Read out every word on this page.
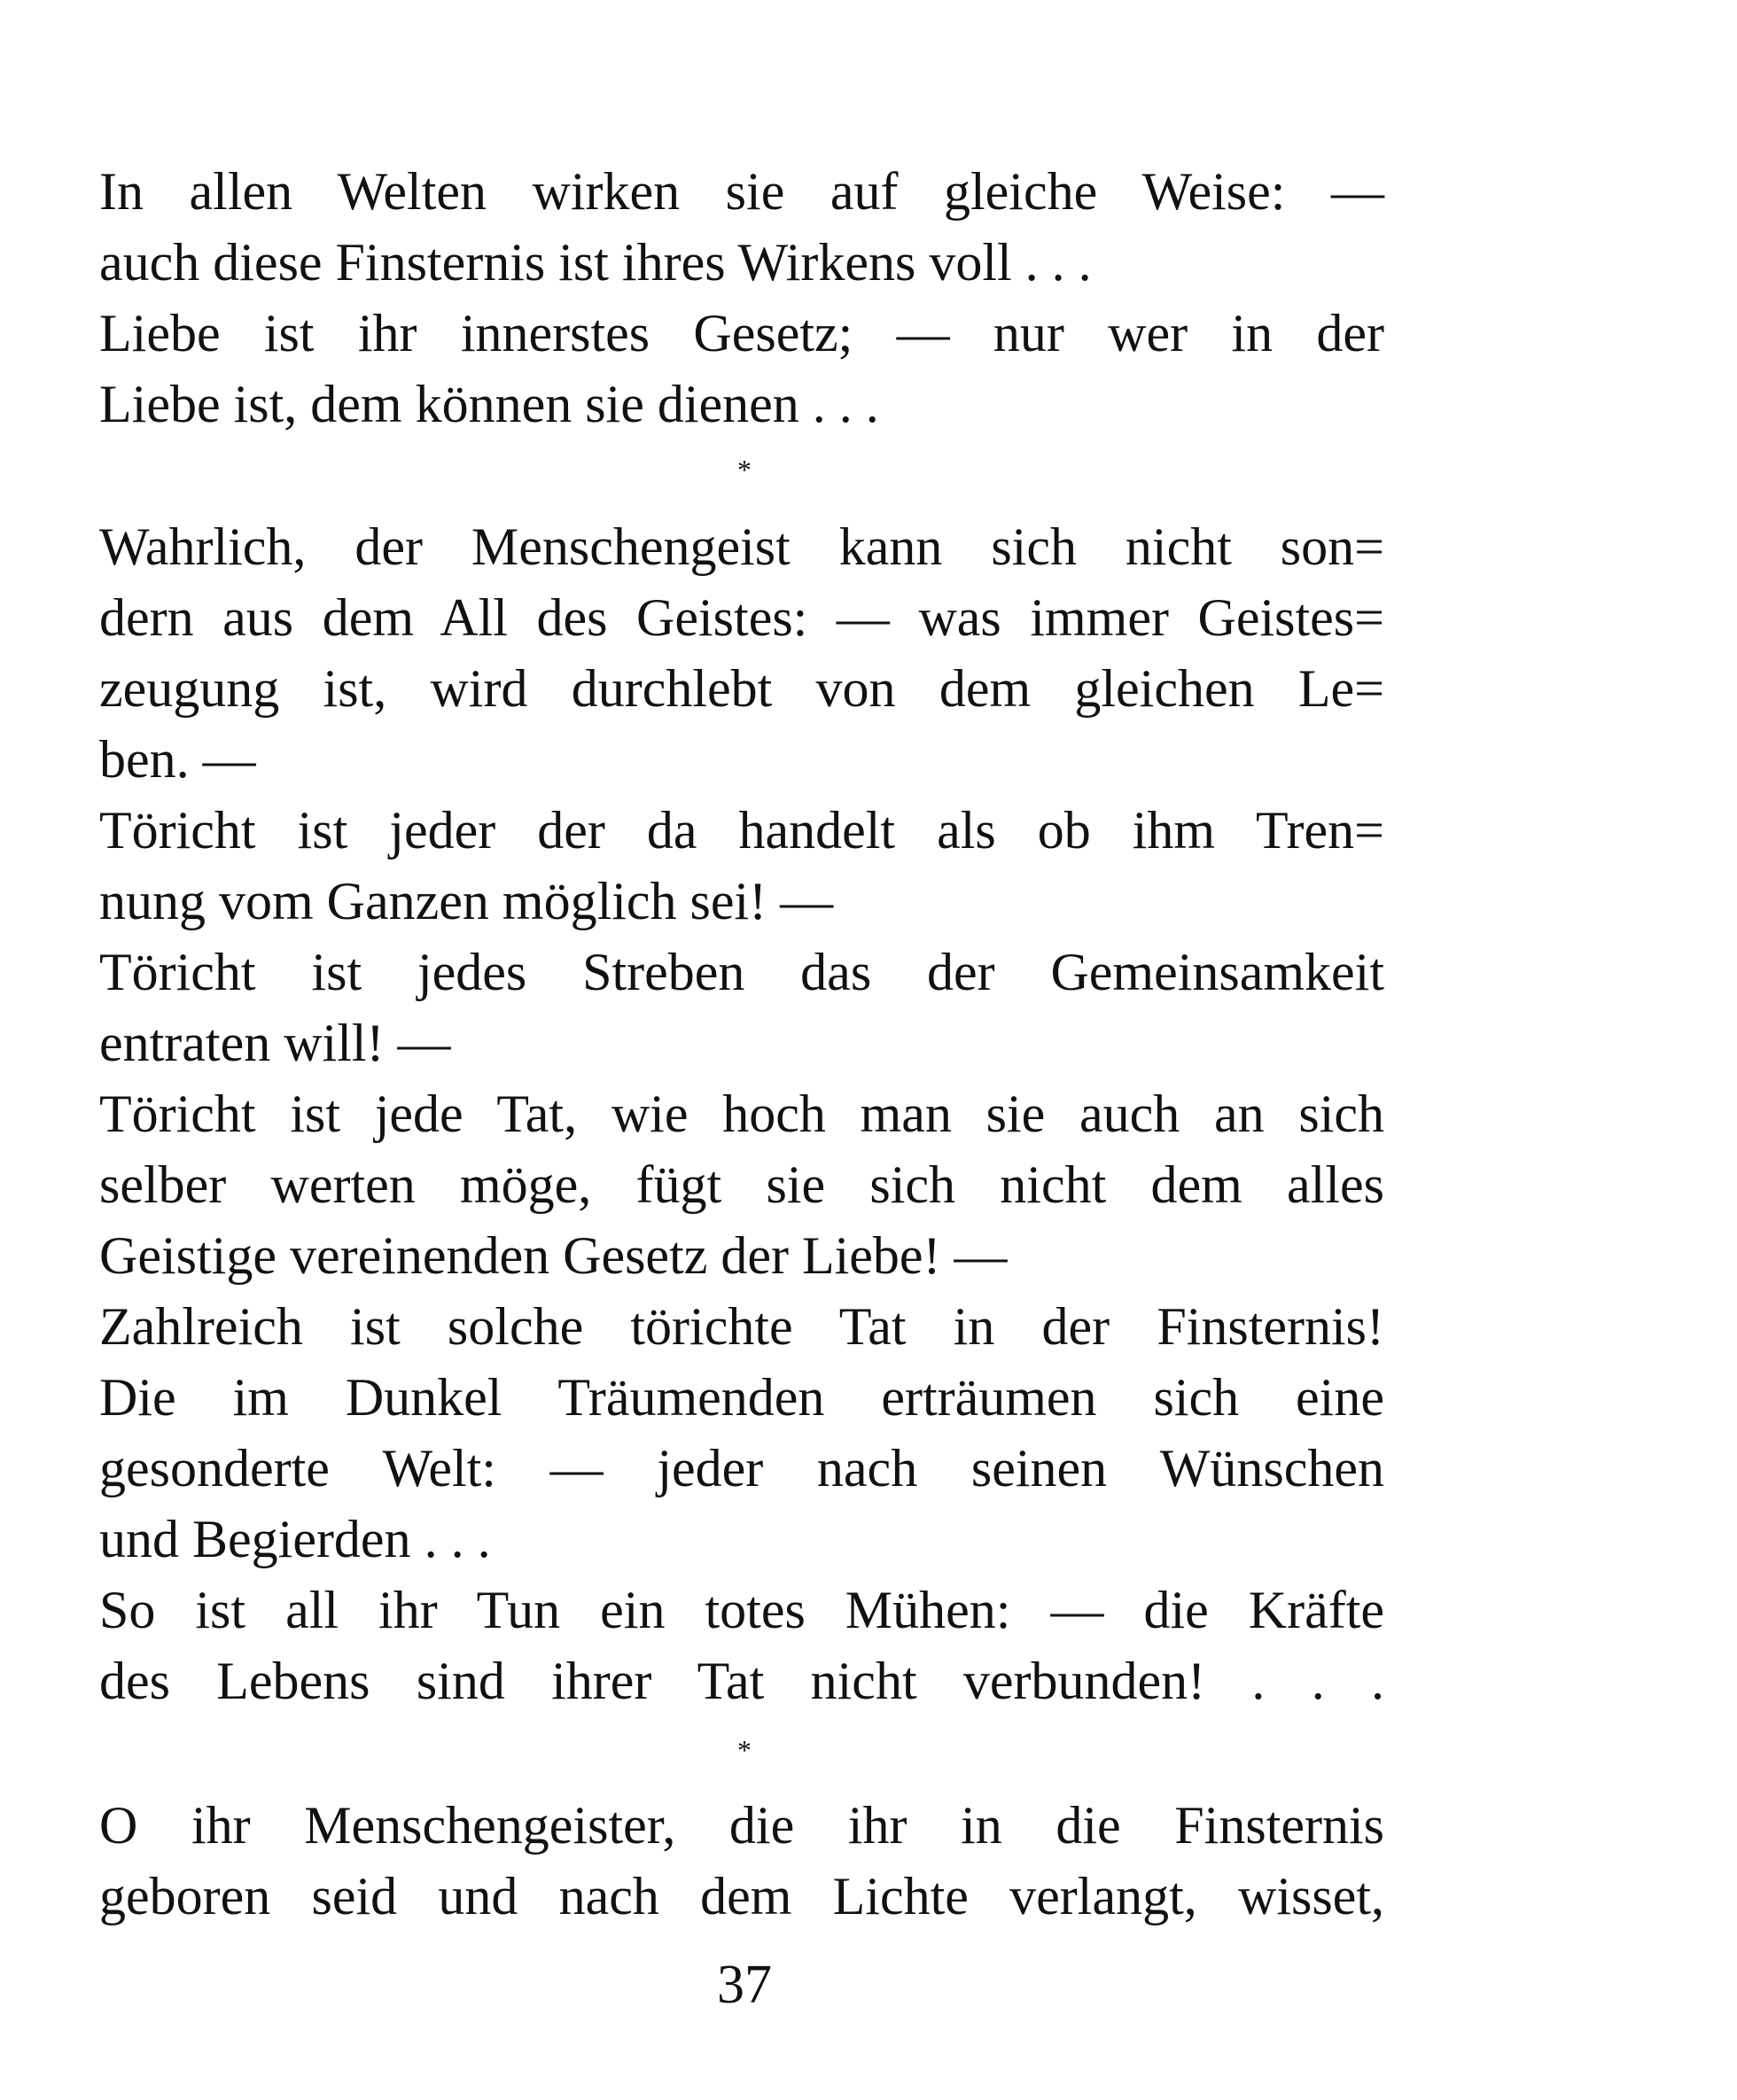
In allen Welten wirken sie auf gleiche Weise: —
auch diese Finsternis ist ihres Wirkens voll . . .
Liebe ist ihr innerstes Gesetz; — nur wer in der
Liebe ist, dem können sie dienen . . .
*
Wahrlich, der Menschengeist kann sich nicht son=
dern aus dem All des Geistes: — was immer Geistes=
zeugung ist, wird durchlebt von dem gleichen Le=
ben. —
Töricht ist jeder der da handelt als ob ihm Tren=
nung vom Ganzen möglich sei! —
Töricht ist jedes Streben das der Gemeinsamkeit
entraten will! —
Töricht ist jede Tat, wie hoch man sie auch an sich
selber werten möge, fügt sie sich nicht dem alles
Geistige vereinenden Gesetz der Liebe! —
Zahlreich ist solche törichte Tat in der Finsternis!
Die im Dunkel Träumenden erträumen sich eine
gesonderte Welt: — jeder nach seinen Wünschen
und Begierden . . .
So ist all ihr Tun ein totes Mühen: — die Kräfte
des Lebens sind ihrer Tat nicht verbunden! . . .
*
O ihr Menschengeister, die ihr in die Finsternis
geboren seid und nach dem Lichte verlangt, wisset,
37
